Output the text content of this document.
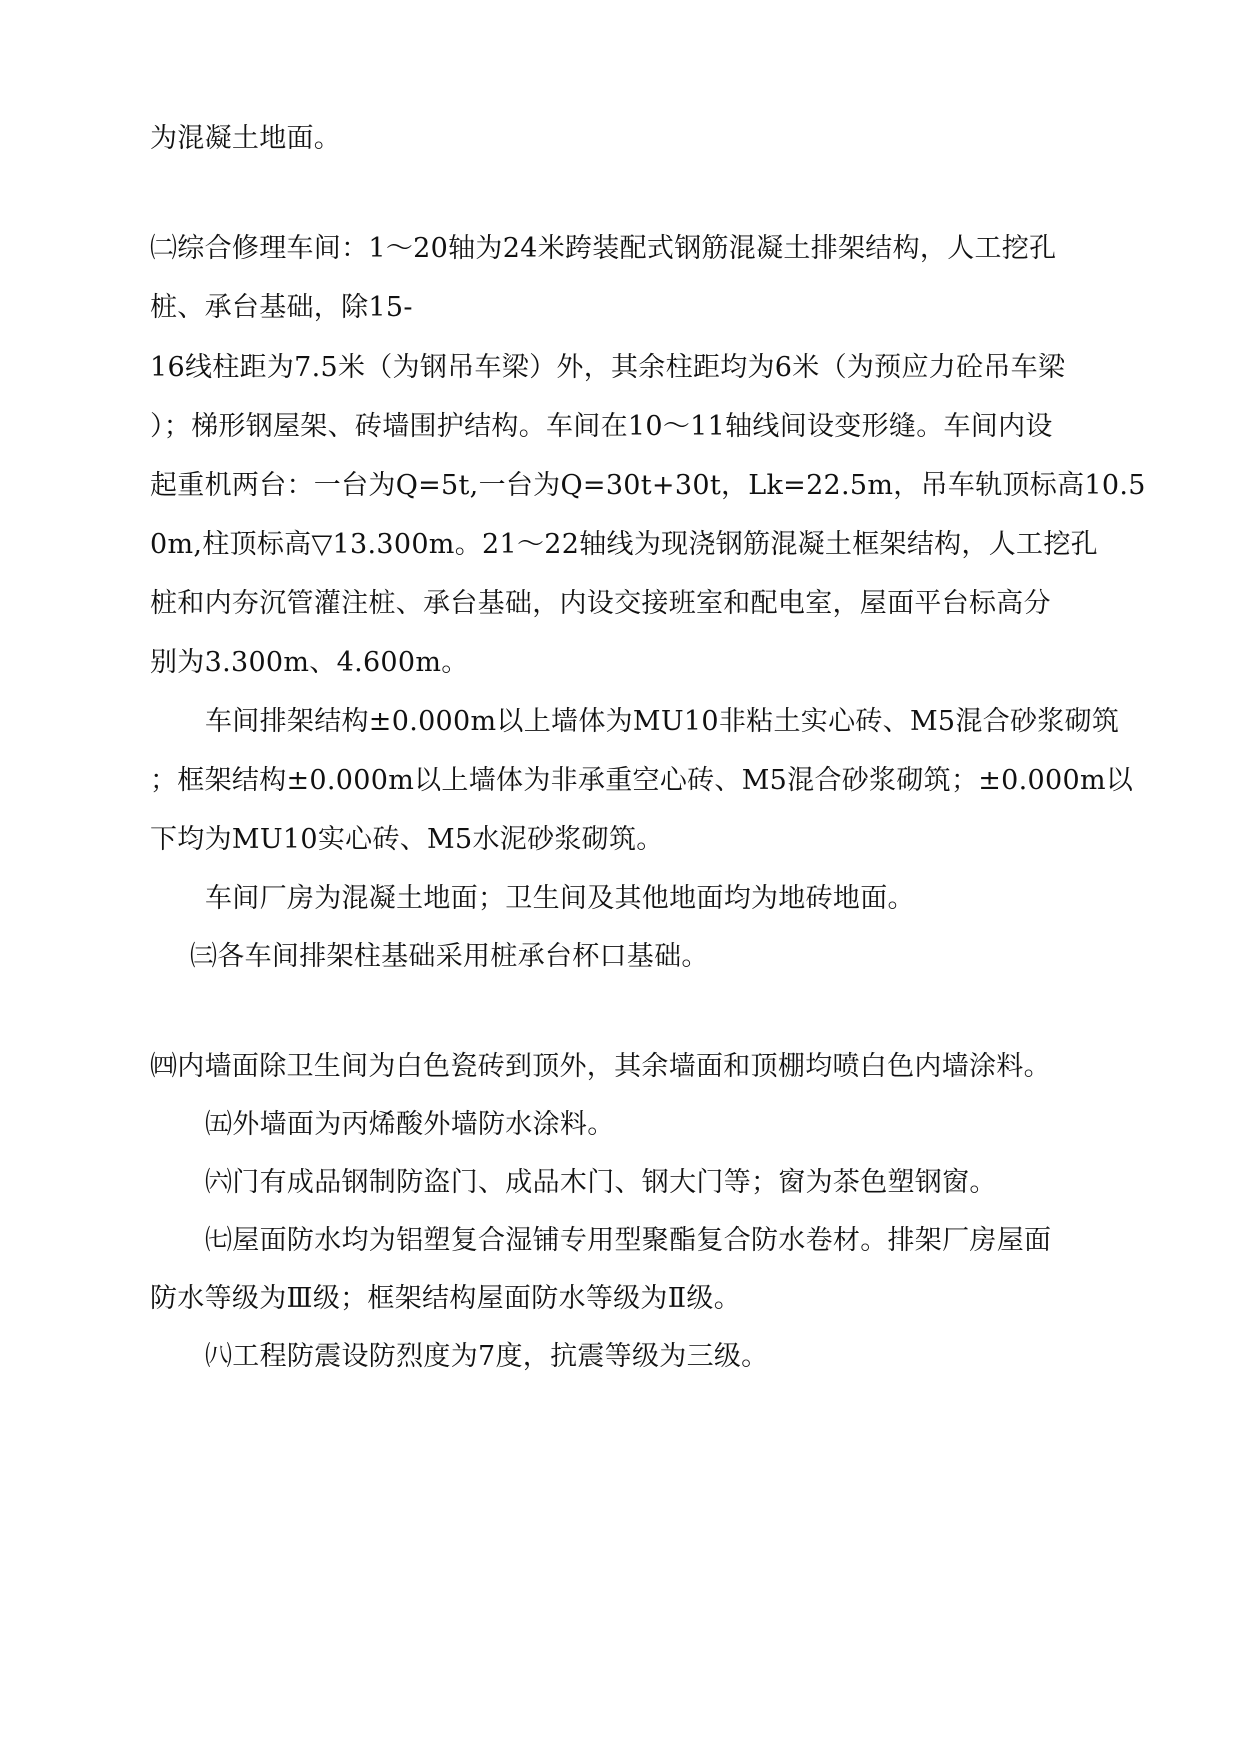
为混凝土地面。
㈡综合修理车间：1～20轴为24米跨装配式钢筋混凝土排架结构，人工挖孔
桩、承台基础，除15-
16线柱距为7.5米（为钢吊车梁）外，其余柱距均为6米（为预应力砼吊车梁
）；梯形钢屋架、砖墙围护结构。车间在10～11轴线间设变形缝。车间内设
起重机两台：一台为Q=5t,一台为Q=30t+30t，Lk=22.5m，吊车轨顶标高10.5
0m,柱顶标高▽13.300m。21～22轴线为现浇钢筋混凝土框架结构，人工挖孔
桩和内夯沉管灌注桩、承台基础，内设交接班室和配电室，屋面平台标高分
别为3.300m、4.600m。
车间排架结构±0.000m以上墙体为MU10非粘土实心砖、M5混合砂浆砌筑
；框架结构±0.000m以上墙体为非承重空心砖、M5混合砂浆砌筑；±0.000m以
下均为MU10实心砖、M5水泥砂浆砌筑。
车间厂房为混凝土地面；卫生间及其他地面均为地砖地面。
㈢各车间排架柱基础采用桩承台杯口基础。
㈣内墙面除卫生间为白色瓷砖到顶外，其余墙面和顶棚均喷白色内墙涂料。
㈤外墙面为丙烯酸外墙防水涂料。
㈥门有成品钢制防盗门、成品木门、钢大门等；窗为茶色塑钢窗。
㈦屋面防水均为铝塑复合湿铺专用型聚酯复合防水卷材。排架厂房屋面
防水等级为Ⅲ级；框架结构屋面防水等级为Ⅱ级。
㈧工程防震设防烈度为7度，抗震等级为三级。
